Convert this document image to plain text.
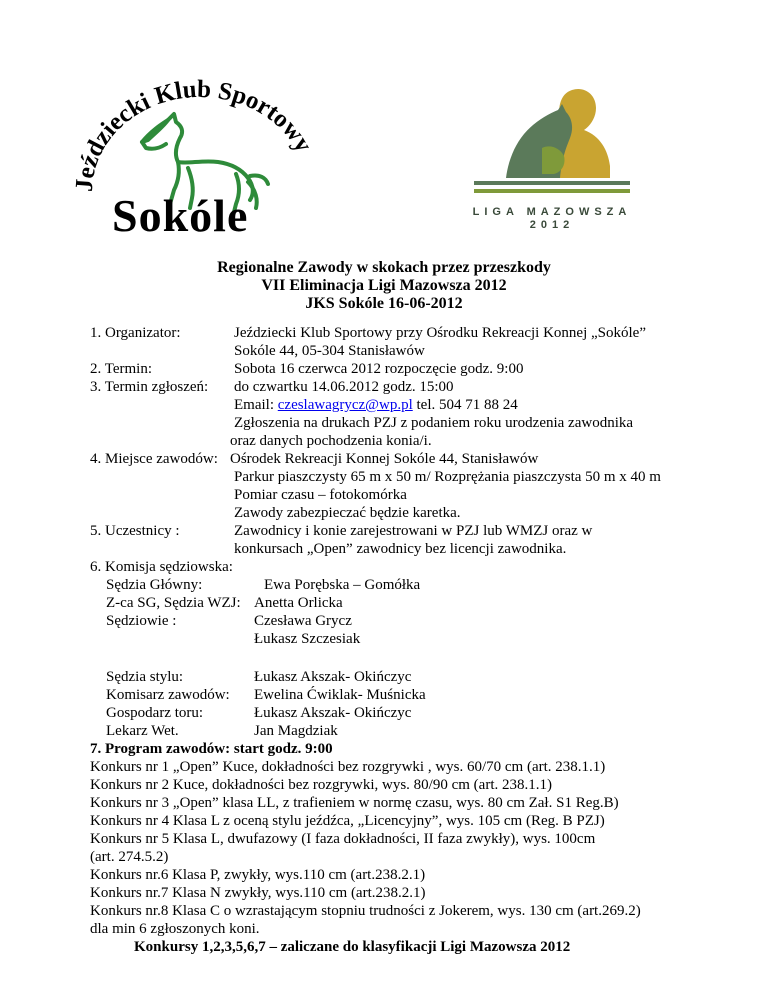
Jeździecki Klub Sportowy
Sokóle	LIGA MAZOWSZA
2012
Regionalne Zawody w skokach przez przeszkody
VII Eliminacja Ligi Mazowsza 2012
JKS Sokóle 16-06-2012
1. Organizator:	Jeździecki Klub Sportowy przy Ośrodku Rekreacji Konnej „Sokóle”
Sokóle 44, 05-304 Stanisławów
2. Termin:	Sobota 16 czerwca 2012 rozpoczęcie godz. 9:00
3. Termin zgłoszeń: do czwartku 14.06.2012 godz. 15:00
Email: czeslawagrycz@wp.pl tel. 504 71 88 24
Zgłoszenia na drukach PZJ z podaniem roku urodzenia zawodnika
oraz danych pochodzenia konia/i.
4. Miejsce zawodów: Ośrodek Rekreacji Konnej Sokóle 44, Stanisławów
Parkur piaszczysty 65 m x 50 m/ Rozprężania piaszczysta 50 m x 40 m
Pomiar czasu – fotokomórka
Zawody zabezpieczać będzie karetka.
5. Uczestnicy :	Zawodnicy i konie zarejestrowani w PZJ lub WMZJ oraz w
konkursach „Open” zawodnicy bez licencji zawodnika.
6. Komisja sędziowska:
Sędzia Główny:	Ewa Porębska – Gomółka
Z-ca SG, Sędzia WZJ: Anetta Orlicka
Sędziowie :	Czesława Grycz
Łukasz Szczesiak
Sędzia stylu:	Łukasz Akszak- Okińczyc
Komisarz zawodów: Ewelina Ćwiklak- Muśnicka
Gospodarz toru:	Łukasz Akszak- Okińczyc
Lekarz Wet.	Jan Magdziak
7. Program zawodów: start godz. 9:00
Konkurs nr 1 „Open” Kuce, dokładności bez rozgrywki , wys. 60/70 cm (art. 238.1.1)
Konkurs nr 2 Kuce, dokładności bez rozgrywki, wys. 80/90 cm (art. 238.1.1)
Konkurs nr 3 „Open” klasa LL, z trafieniem w normę czasu, wys. 80 cm Zał. S1 Reg.B)
Konkurs nr 4 Klasa L z oceną stylu jeźdźca, „Licencyjny”, wys. 105 cm (Reg. B PZJ)
Konkurs nr 5 Klasa L, dwufazowy (I faza dokładności, II faza zwykły), wys. 100cm
(art. 274.5.2)
Konkurs nr.6 Klasa P, zwykły, wys.110 cm (art.238.2.1)
Konkurs nr.7 Klasa N zwykły, wys.110 cm (art.238.2.1)
Konkurs nr.8 Klasa C o wzrastającym stopniu trudności z Jokerem, wys. 130 cm (art.269.2)
dla min 6 zgłoszonych koni.
Konkursy 1,2,3,5,6,7 – zaliczane do klasyfikacji Ligi Mazowsza 2012
